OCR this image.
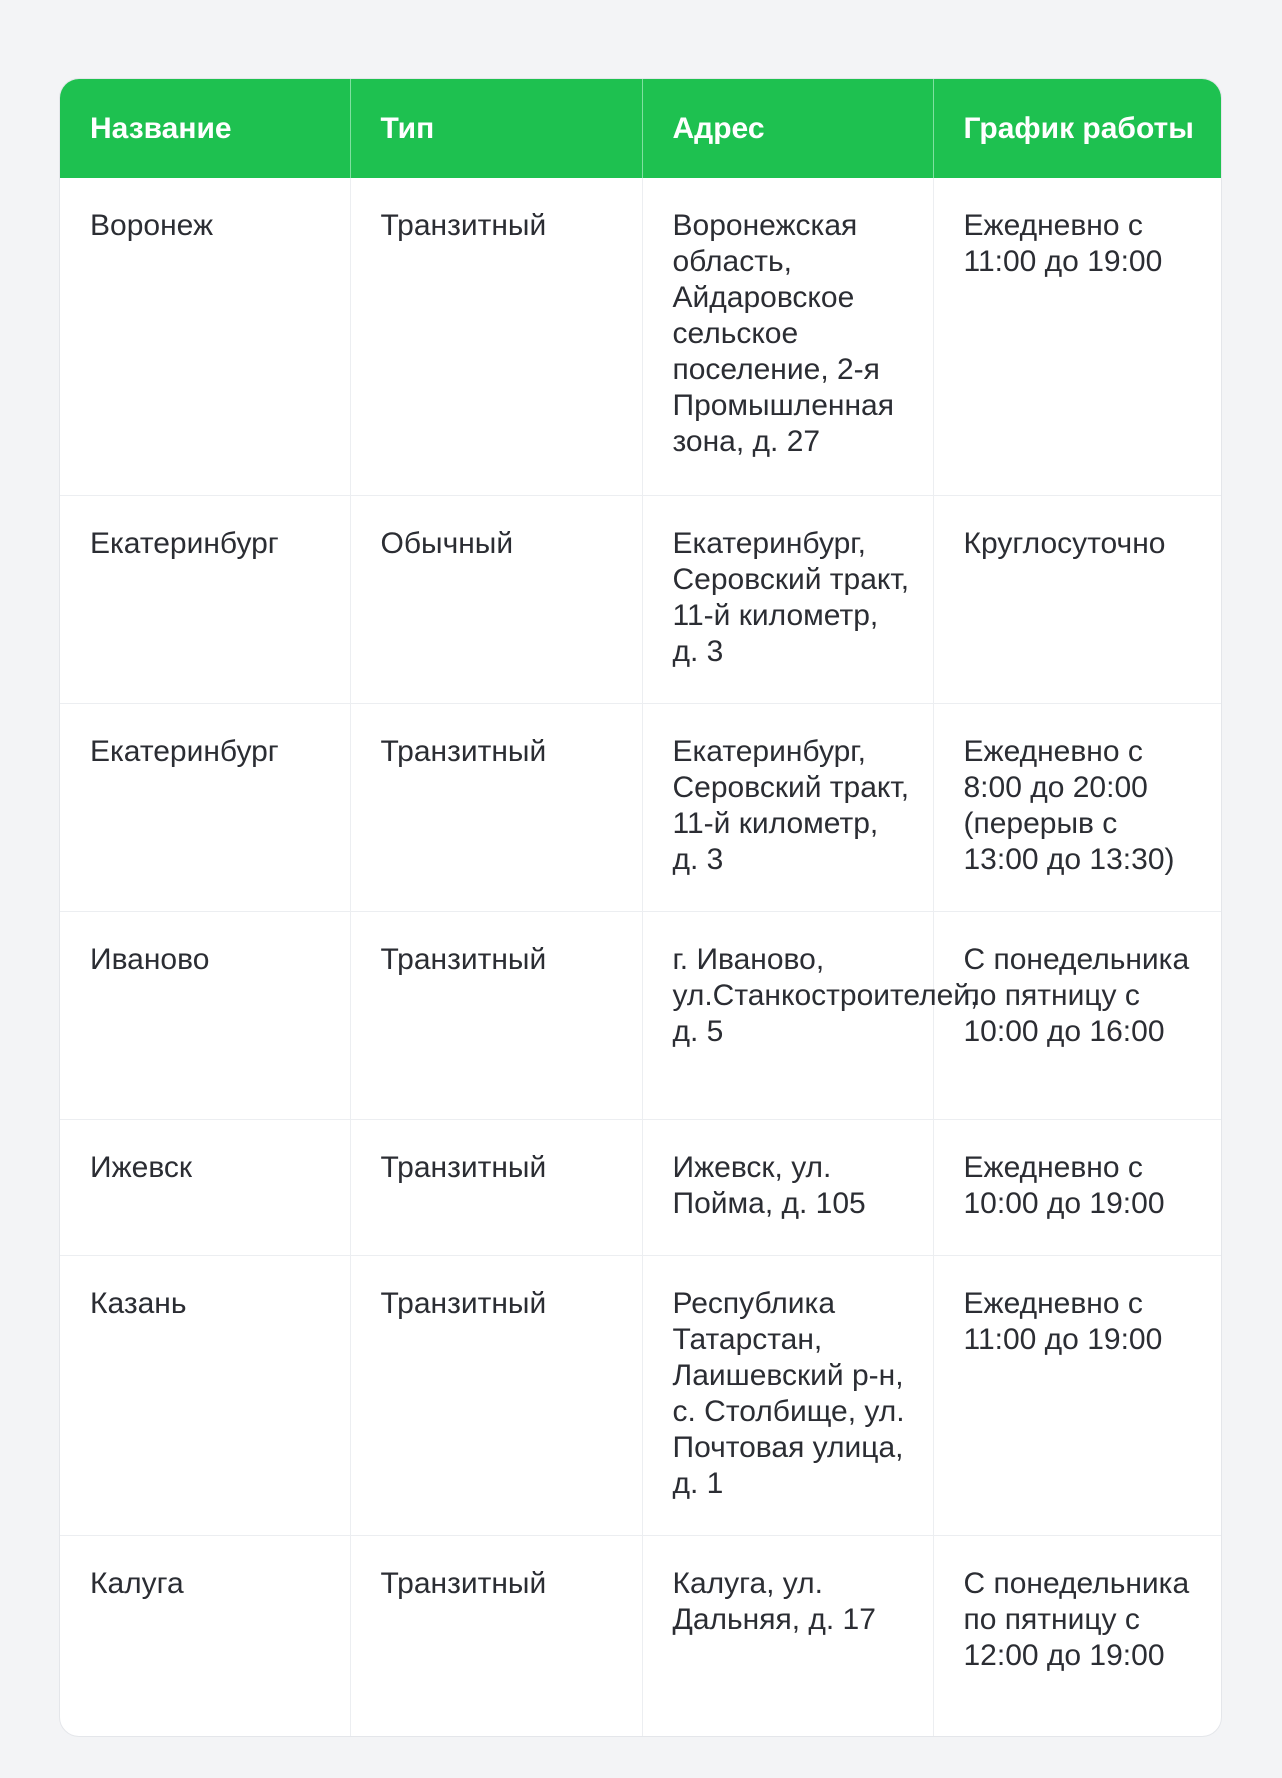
Название	Тип	Адрес	График работы
Воронеж	Транзитный	Воронежская область, Айдаровское сельское поселение, 2-я Промышленная зона, д. 27	Ежедневно с 11:00 до 19:00
Екатеринбург	Обычный	Екатеринбург, Серовский тракт, 11-й километр, д. 3	Круглосуточно
Екатеринбург	Транзитный	Екатеринбург, Серовский тракт, 11-й километр, д. 3	Ежедневно с 8:00 до 20:00 (перерыв с 13:00 до 13:30)
Иваново	Транзитный	г. Иваново, ул.Станкостроителей, д. 5	С понедельника по пятницу с 10:00 до 16:00
Ижевск	Транзитный	Ижевск, ул. Пойма, д. 105	Ежедневно с 10:00 до 19:00
Казань	Транзитный	Республика Татарстан, Лаишевский р-н, с. Столбище, ул. Почтовая улица, д. 1	Ежедневно с 11:00 до 19:00
Калуга	Транзитный	Калуга, ул. Дальняя, д. 17	С понедельника по пятницу с 12:00 до 19:00
